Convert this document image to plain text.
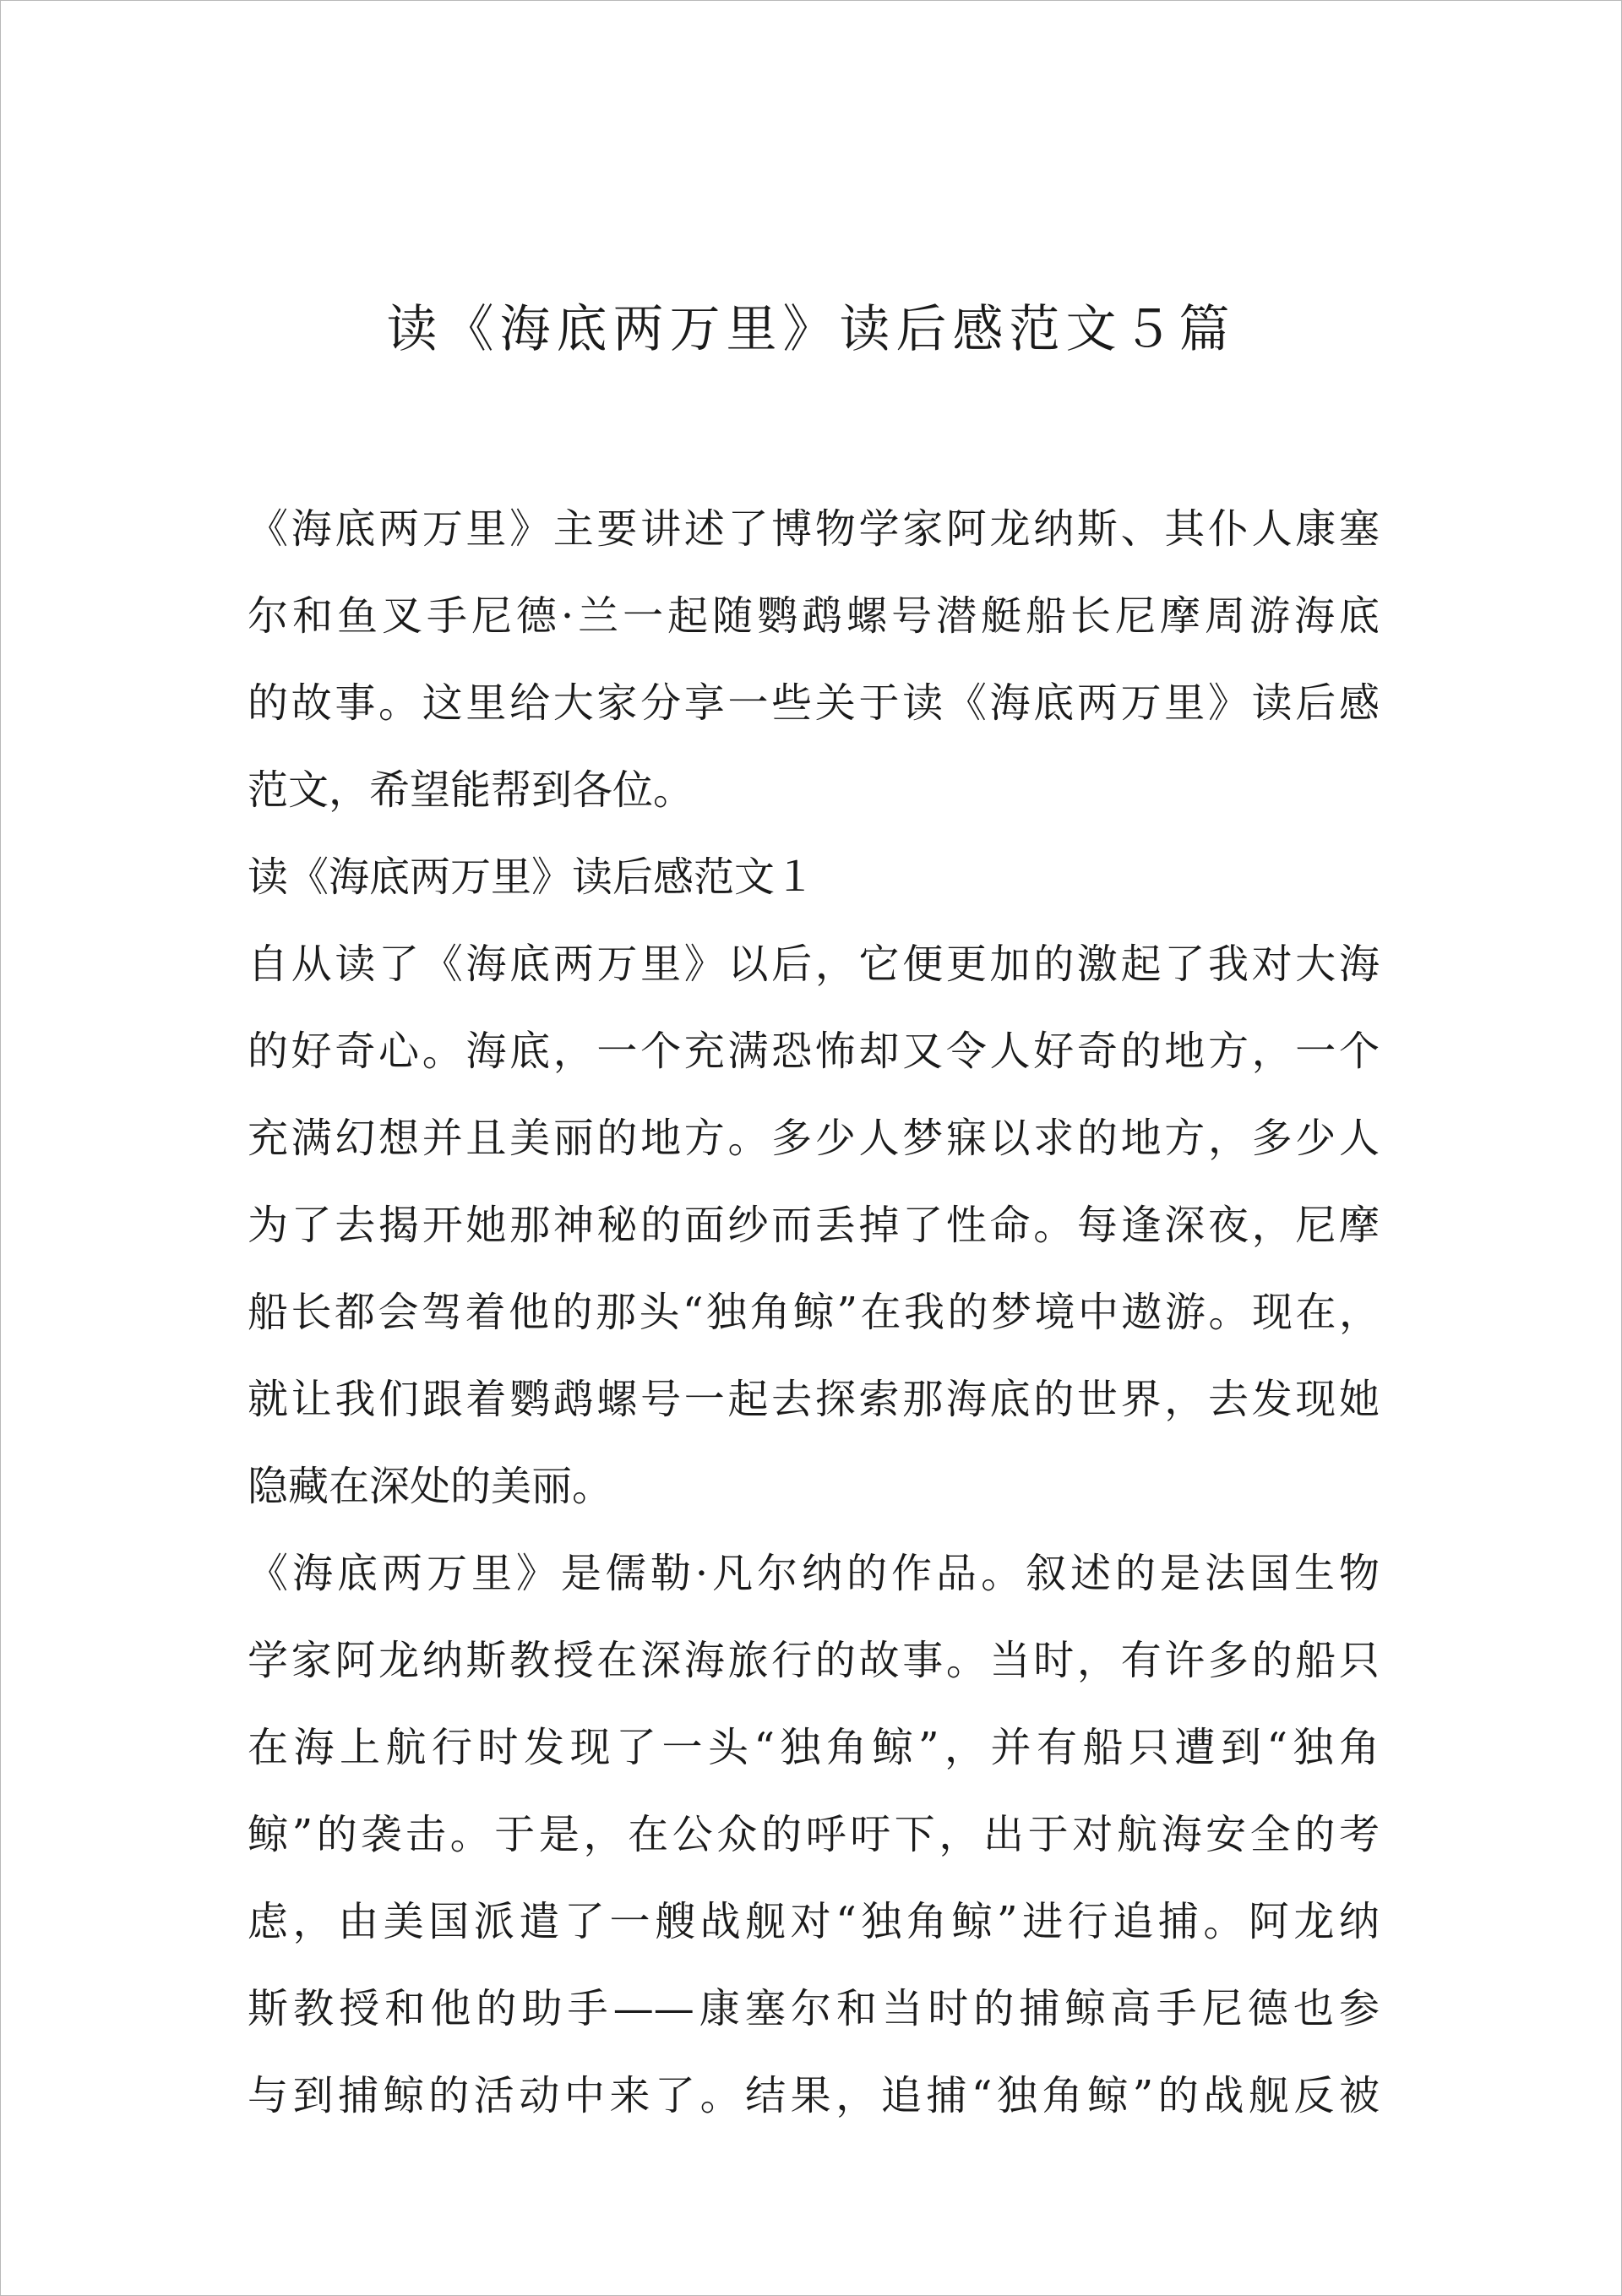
读《海底两万里》读后感范文５篇
《海底两万里》主要讲述了博物学家阿龙纳斯、其仆人康塞
尔和鱼叉手尼德·兰一起随鹦鹉螺号潜艇船长尼摩周游海底
的故事。这里给大家分享一些关于读《海底两万里》读后感
范文，希望能帮到各位。
读《海底两万里》读后感范文１
自从读了《海底两万里》以后，它便更加的激起了我对大海
的好奇心。海底，一个充满恐怖却又令人好奇的地方，一个
充满幻想并且美丽的地方。多少人梦寐以求的地方，多少人
为了去揭开她那神秘的面纱而丢掉了性命。每逢深夜，尼摩
船长都会驾着他的那头“独角鲸”在我的梦境中遨游。现在，
就让我们跟着鹦鹉螺号一起去探索那海底的世界，去发现她
隐藏在深处的美丽。
《海底两万里》是儒勒·凡尔纳的作品。叙述的是法国生物
学家阿龙纳斯教授在深海旅行的故事。当时，有许多的船只
在海上航行时发现了一头“独角鲸”，并有船只遭到“独角
鲸”的袭击。于是，在公众的呼吁下，出于对航海安全的考
虑，由美国派遣了一艘战舰对“独角鲸”进行追捕。阿龙纳
斯教授和他的助手——康塞尔和当时的捕鲸高手尼德也参
与到捕鲸的活动中来了。结果，追捕“独角鲸”的战舰反被
